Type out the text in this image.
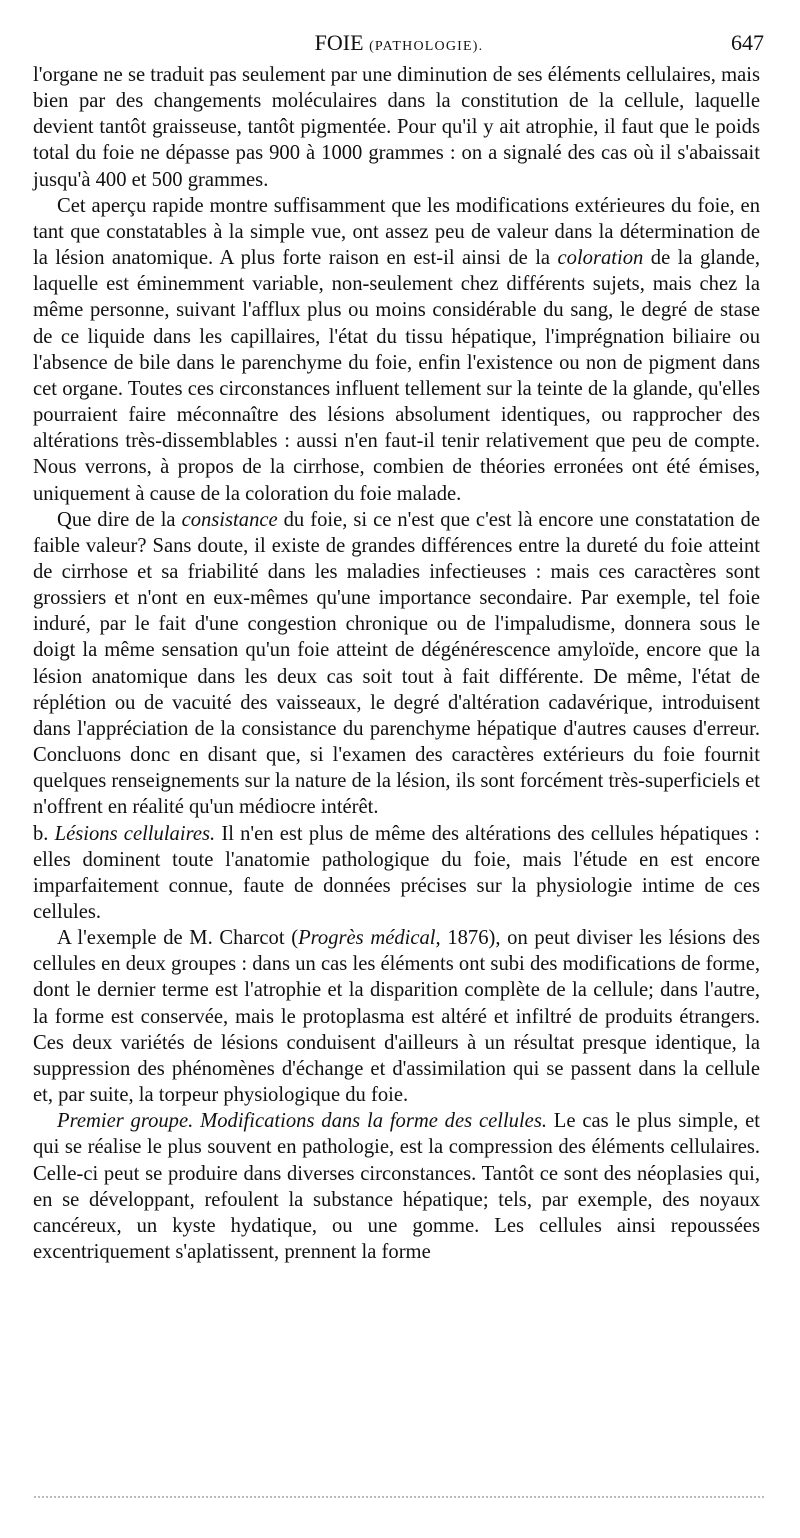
FOIE (PATHOLOGIE).	647

l'organe ne se traduit pas seulement par une diminution de ses éléments cellulaires, mais bien par des changements moléculaires dans la constitution de la cellule, laquelle devient tantôt graisseuse, tantôt pigmentée. Pour qu'il y ait atrophie, il faut que le poids total du foie ne dépasse pas 900 à 1000 grammes : on a signalé des cas où il s'abaissait jusqu'à 400 et 500 grammes.

Cet aperçu rapide montre suffisamment que les modifications extérieures du foie, en tant que constatables à la simple vue, ont assez peu de valeur dans la détermination de la lésion anatomique. A plus forte raison en est-il ainsi de la coloration de la glande, laquelle est éminemment variable, non-seulement chez différents sujets, mais chez la même personne, suivant l'afflux plus ou moins considérable du sang, le degré de stase de ce liquide dans les capillaires, l'état du tissu hépatique, l'imprégnation biliaire ou l'absence de bile dans le parenchyme du foie, enfin l'existence ou non de pigment dans cet organe. Toutes ces circonstances influent tellement sur la teinte de la glande, qu'elles pourraient faire méconnaître des lésions absolument identiques, ou rapprocher des altérations très-dissemblables : aussi n'en faut-il tenir relativement que peu de compte. Nous verrons, à propos de la cirrhose, combien de théories erronées ont été émises, uniquement à cause de la coloration du foie malade.

Que dire de la consistance du foie, si ce n'est que c'est là encore une constatation de faible valeur? Sans doute, il existe de grandes différences entre la dureté du foie atteint de cirrhose et sa friabilité dans les maladies infectieuses : mais ces caractères sont grossiers et n'ont en eux-mêmes qu'une importance secondaire. Par exemple, tel foie induré, par le fait d'une congestion chronique ou de l'impaludisme, donnera sous le doigt la même sensation qu'un foie atteint de dégénérescence amyloïde, encore que la lésion anatomique dans les deux cas soit tout à fait différente. De même, l'état de réplétion ou de vacuité des vaisseaux, le degré d'altération cadavérique, introduisent dans l'appréciation de la consistance du parenchyme hépatique d'autres causes d'erreur. Concluons donc en disant que, si l'examen des caractères extérieurs du foie fournit quelques renseignements sur la nature de la lésion, ils sont forcément très-superficiels et n'offrent en réalité qu'un médiocre intérêt.

b. Lésions cellulaires. Il n'en est plus de même des altérations des cellules hépatiques : elles dominent toute l'anatomie pathologique du foie, mais l'étude en est encore imparfaitement connue, faute de données précises sur la physiologie intime de ces cellules.

A l'exemple de M. Charcot (Progrès médical, 1876), on peut diviser les lésions des cellules en deux groupes : dans un cas les éléments ont subi des modifications de forme, dont le dernier terme est l'atrophie et la disparition complète de la cellule; dans l'autre, la forme est conservée, mais le protoplasma est altéré et infiltré de produits étrangers. Ces deux variétés de lésions conduisent d'ailleurs à un résultat presque identique, la suppression des phénomènes d'échange et d'assimilation qui se passent dans la cellule et, par suite, la torpeur physiologique du foie.

Premier groupe. Modifications dans la forme des cellules. Le cas le plus simple, et qui se réalise le plus souvent en pathologie, est la compression des éléments cellulaires. Celle-ci peut se produire dans diverses circonstances. Tantôt ce sont des néoplasies qui, en se développant, refoulent la substance hépatique; tels, par exemple, des noyaux cancéreux, un kyste hydatique, ou une gomme. Les cellules ainsi repoussées excentriquement s'aplatissent, prennent la forme
